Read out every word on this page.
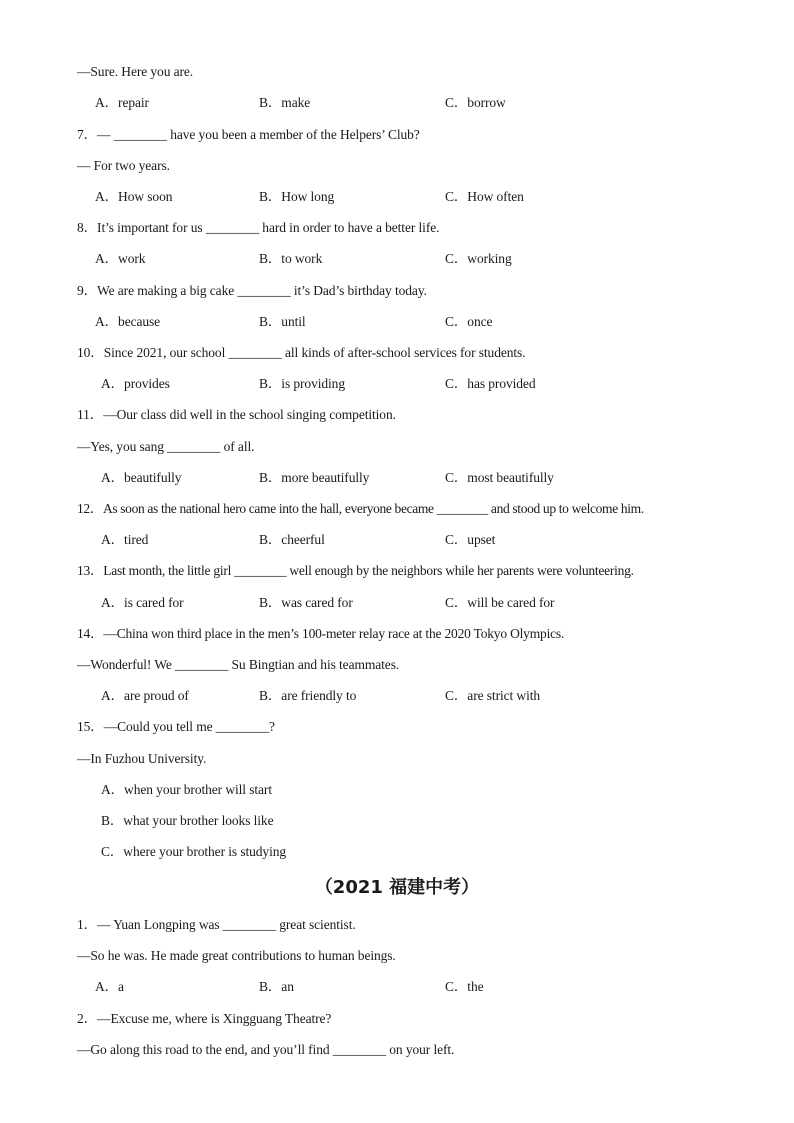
—Sure. Here you are.
A．repair	B．make	C．borrow
7．— ________ have you been a member of the Helpers’ Club?
— For two years.
A．How soon	B．How long	C．How often
8．It’s important for us ________ hard in order to have a better life.
A．work	B．to work	C．working
9．We are making a big cake ________ it’s Dad’s birthday today.
A．because	B．until	C．once
10．Since 2021, our school ________ all kinds of after-school services for students.
A．provides	B．is providing	C．has provided
11．—Our class did well in the school singing competition.
—Yes, you sang ________ of all.
A．beautifully	B．more beautifully	C．most beautifully
12．As soon as the national hero came into the hall, everyone became ________ and stood up to welcome him.
A．tired	B．cheerful	C．upset
13．Last month, the little girl ________ well enough by the neighbors while her parents were volunteering.
A．is cared for	B．was cared for	C．will be cared for
14．—China won third place in the men’s 100-meter relay race at the 2020 Tokyo Olympics.
—Wonderful! We ________ Su Bingtian and his teammates.
A．are proud of	B．are friendly to	C．are strict with
15．—Could you tell me ________?
—In Fuzhou University.
A．when your brother will start
B．what your brother looks like
C．where your brother is studying
（2021 福建中考）
1．— Yuan Longping was ________ great scientist.
—So he was. He made great contributions to human beings.
A．a	B．an	C．the
2．—Excuse me, where is Xingguang Theatre?
—Go along this road to the end, and you’ll find ________ on your left.
